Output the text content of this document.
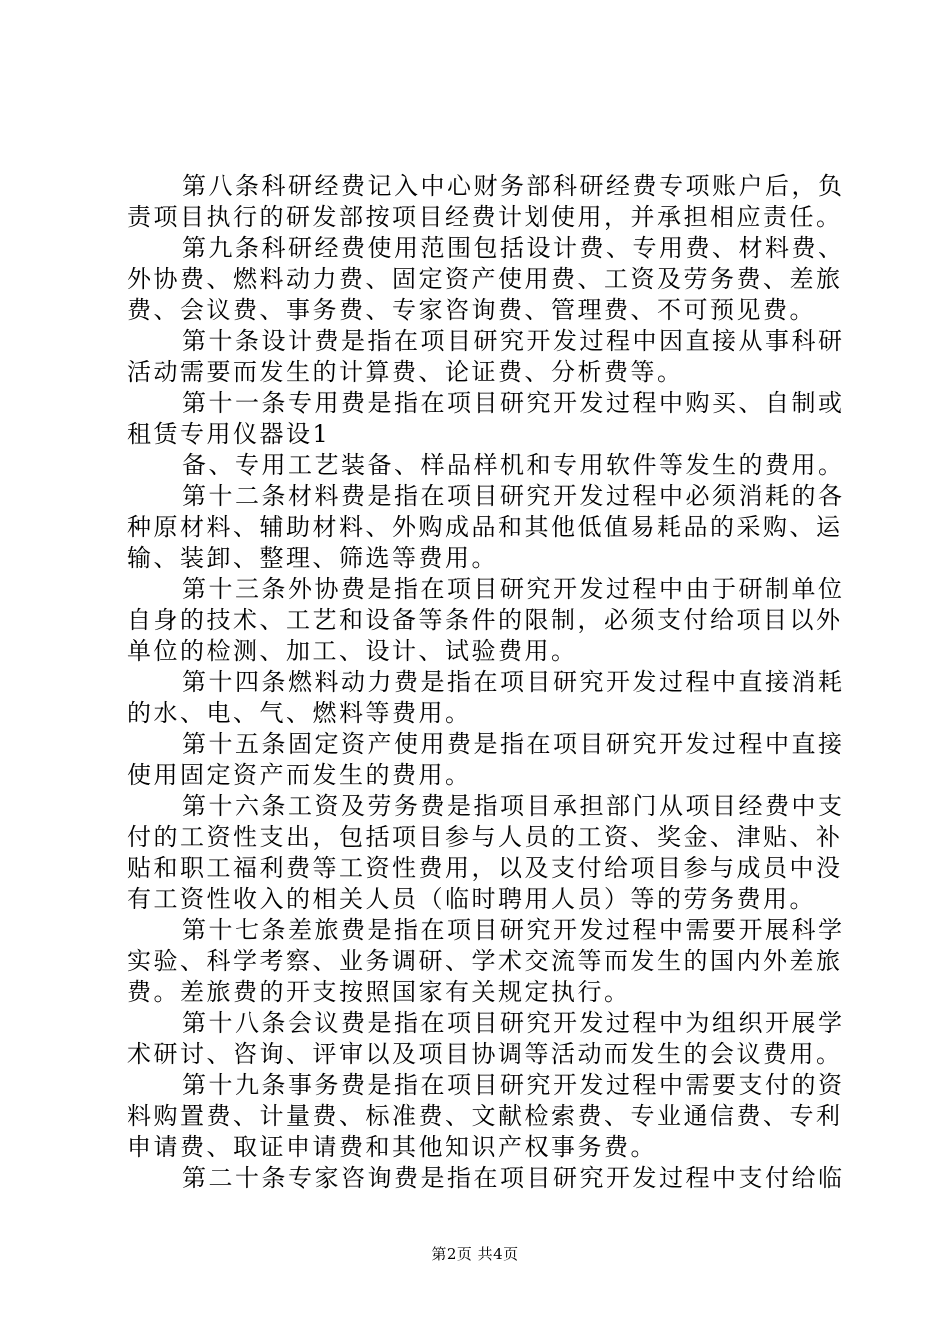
第八条科研经费记入中心财务部科研经费专项账户后，负
责项目执行的研发部按项目经费计划使用，并承担相应责任。
第九条科研经费使用范围包括设计费、专用费、材料费、
外协费、燃料动力费、固定资产使用费、工资及劳务费、差旅
费、会议费、事务费、专家咨询费、管理费、不可预见费。
第十条设计费是指在项目研究开发过程中因直接从事科研
活动需要而发生的计算费、论证费、分析费等。
第十一条专用费是指在项目研究开发过程中购买、自制或
租赁专用仪器设1
备、专用工艺装备、样品样机和专用软件等发生的费用。
第十二条材料费是指在项目研究开发过程中必须消耗的各
种原材料、辅助材料、外购成品和其他低值易耗品的采购、运
输、装卸、整理、筛选等费用。
第十三条外协费是指在项目研究开发过程中由于研制单位
自身的技术、工艺和设备等条件的限制，必须支付给项目以外
单位的检测、加工、设计、试验费用。
第十四条燃料动力费是指在项目研究开发过程中直接消耗
的水、电、气、燃料等费用。
第十五条固定资产使用费是指在项目研究开发过程中直接
使用固定资产而发生的费用。
第十六条工资及劳务费是指项目承担部门从项目经费中支
付的工资性支出，包括项目参与人员的工资、奖金、津贴、补
贴和职工福利费等工资性费用，以及支付给项目参与成员中没
有工资性收入的相关人员（临时聘用人员）等的劳务费用。
第十七条差旅费是指在项目研究开发过程中需要开展科学
实验、科学考察、业务调研、学术交流等而发生的国内外差旅
费。差旅费的开支按照国家有关规定执行。
第十八条会议费是指在项目研究开发过程中为组织开展学
术研讨、咨询、评审以及项目协调等活动而发生的会议费用。
第十九条事务费是指在项目研究开发过程中需要支付的资
料购置费、计量费、标准费、文献检索费、专业通信费、专利
申请费、取证申请费和其他知识产权事务费。
第二十条专家咨询费是指在项目研究开发过程中支付给临
第2页 共4页
